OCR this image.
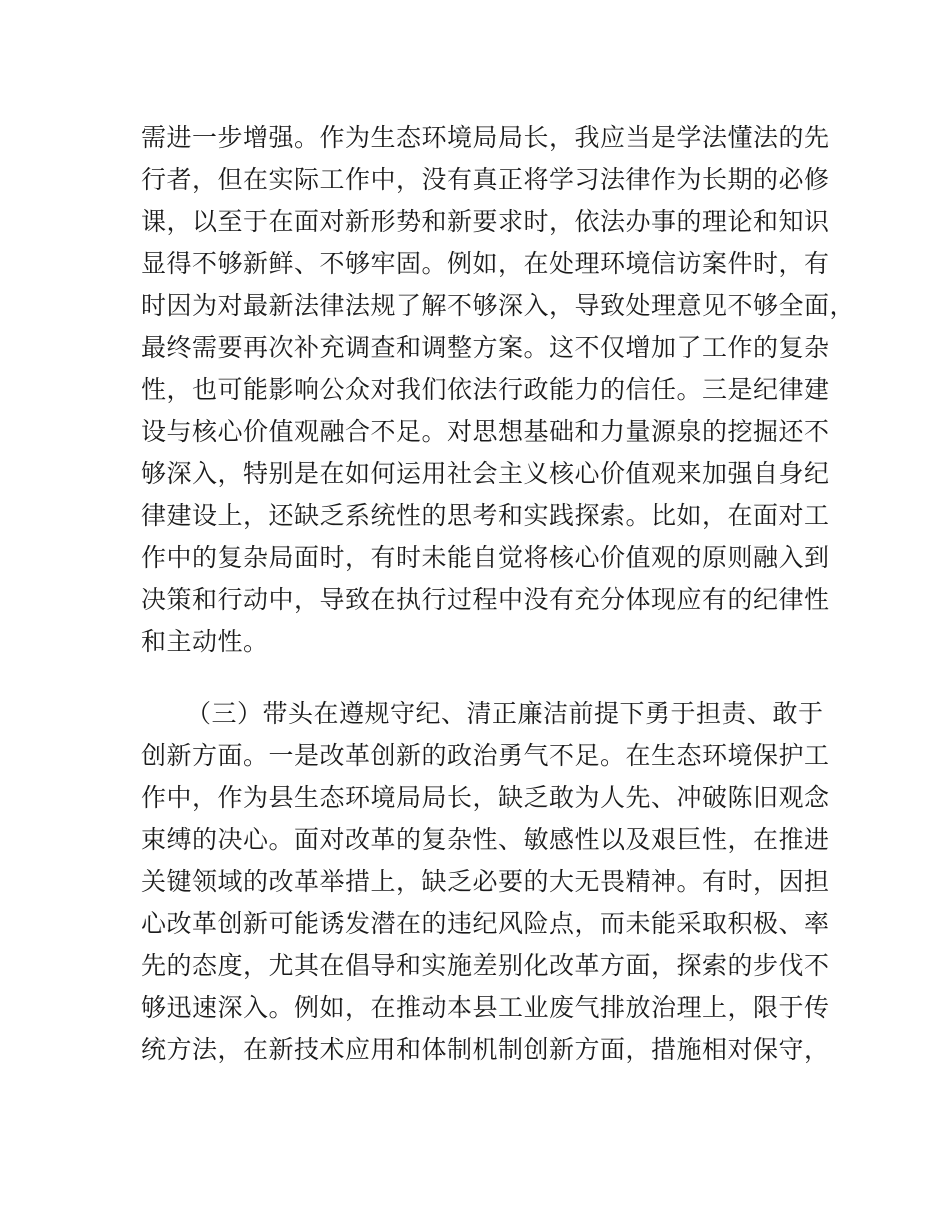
需进一步增强。作为生态环境局局长，我应当是学法懂法的先
行者，但在实际工作中，没有真正将学习法律作为长期的必修
课，以至于在面对新形势和新要求时，依法办事的理论和知识
显得不够新鲜、不够牢固。例如，在处理环境信访案件时，有
时因为对最新法律法规了解不够深入，导致处理意见不够全面，
最终需要再次补充调查和调整方案。这不仅增加了工作的复杂
性，也可能影响公众对我们依法行政能力的信任。三是纪律建
设与核心价值观融合不足。对思想基础和力量源泉的挖掘还不
够深入，特别是在如何运用社会主义核心价值观来加强自身纪
律建设上，还缺乏系统性的思考和实践探索。比如，在面对工
作中的复杂局面时，有时未能自觉将核心价值观的原则融入到
决策和行动中，导致在执行过程中没有充分体现应有的纪律性
和主动性。
（三）带头在遵规守纪、清正廉洁前提下勇于担责、敢于
创新方面。一是改革创新的政治勇气不足。在生态环境保护工
作中，作为县生态环境局局长，缺乏敢为人先、冲破陈旧观念
束缚的决心。面对改革的复杂性、敏感性以及艰巨性，在推进
关键领域的改革举措上，缺乏必要的大无畏精神。有时，因担
心改革创新可能诱发潜在的违纪风险点，而未能采取积极、率
先的态度，尤其在倡导和实施差别化改革方面，探索的步伐不
够迅速深入。例如，在推动本县工业废气排放治理上，限于传
统方法，在新技术应用和体制机制创新方面，措施相对保守，
